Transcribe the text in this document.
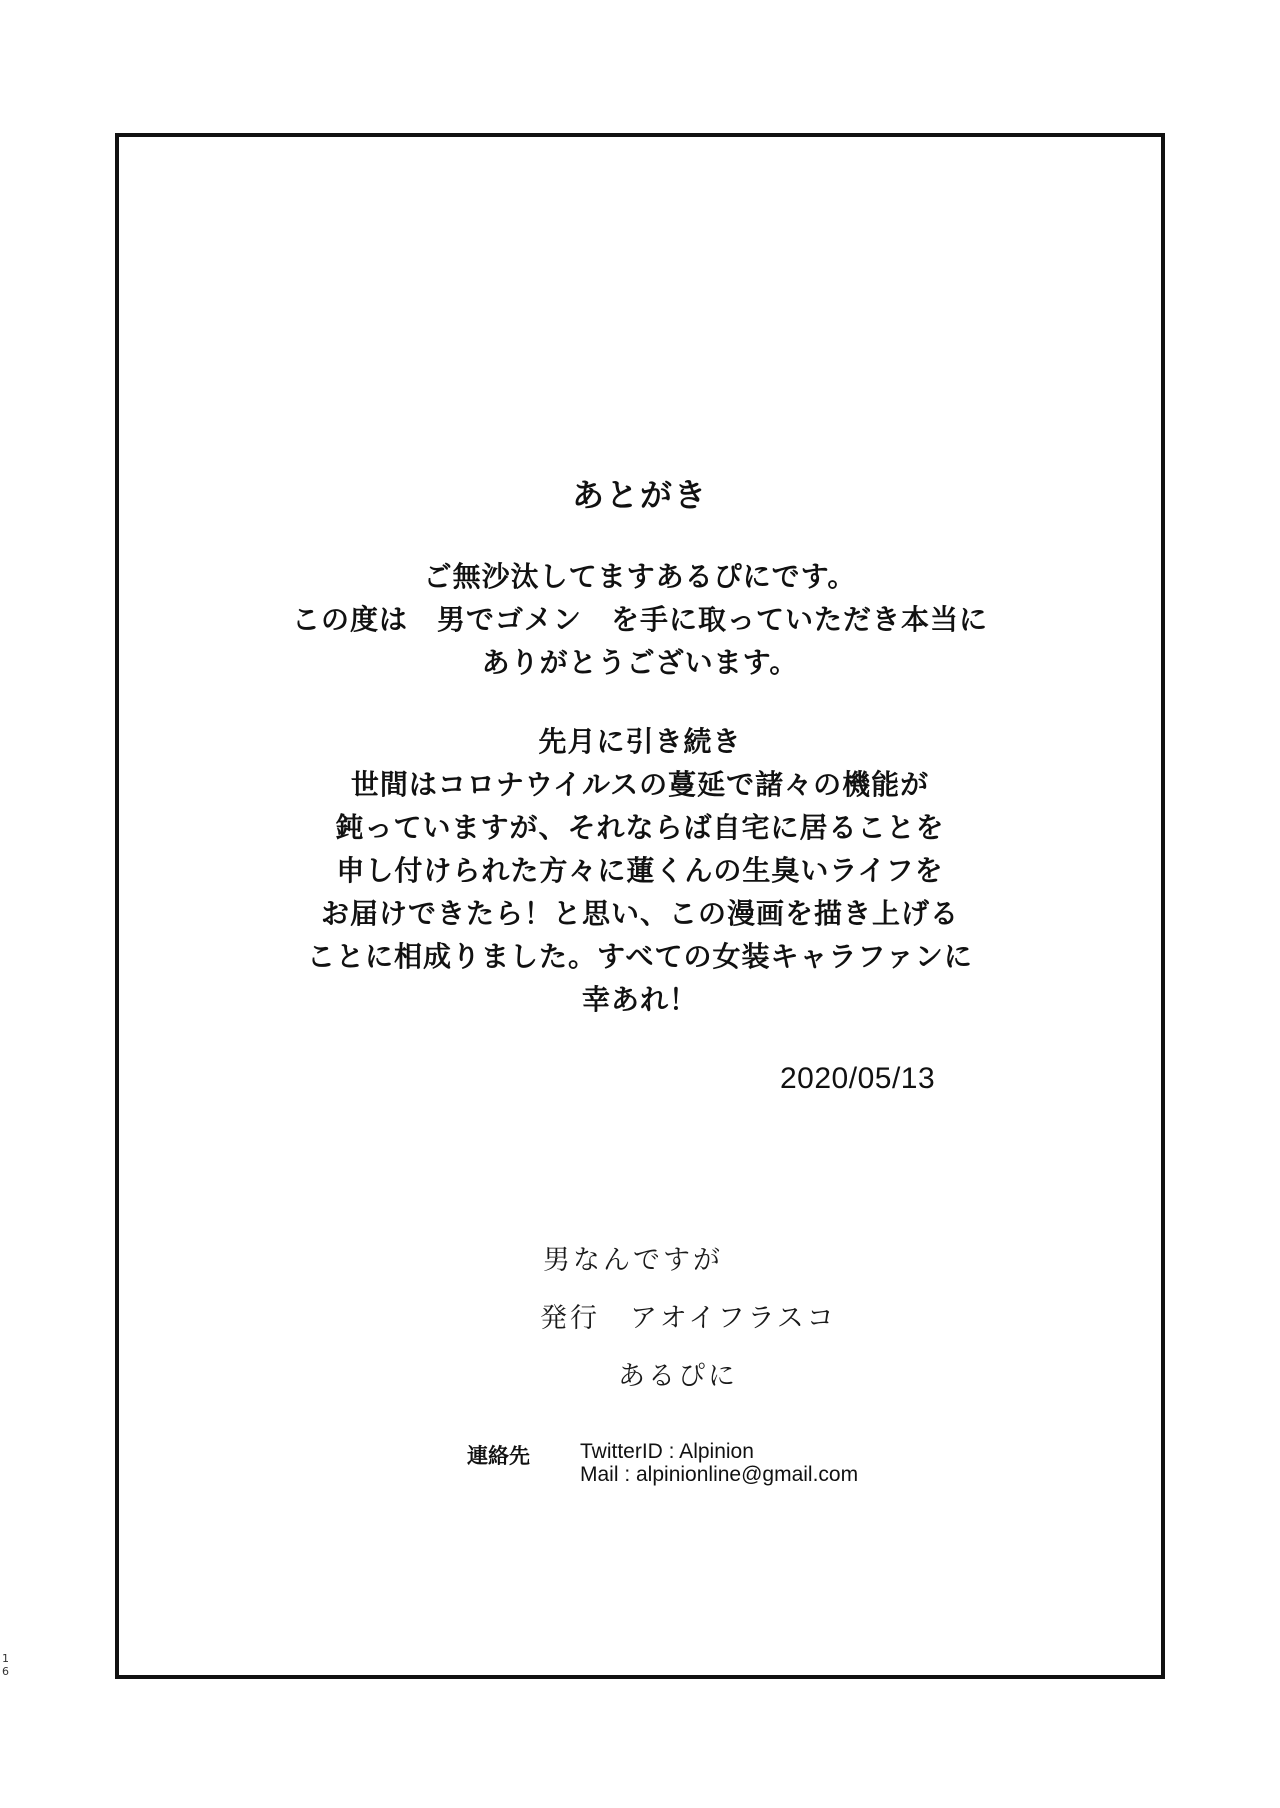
あとがき
ご無沙汰してますあるぴにです。
この度は　男でゴメン　を手に取っていただき本当に
ありがとうございます。
先月に引き続き
世間はコロナウイルスの蔓延で諸々の機能が
鈍っていますが、それならば自宅に居ることを
申し付けられた方々に蓮くんの生臭いライフを
お届けできたら！と思い、この漫画を描き上げる
ことに相成りました。すべての女装キャラファンに
幸あれ！
2020/05/13
男なんですが
発行　アオイフラスコ
あるぴに
連絡先 TwitterID : Alpinion
Mail : alpinionline@gmail.com
1
6
